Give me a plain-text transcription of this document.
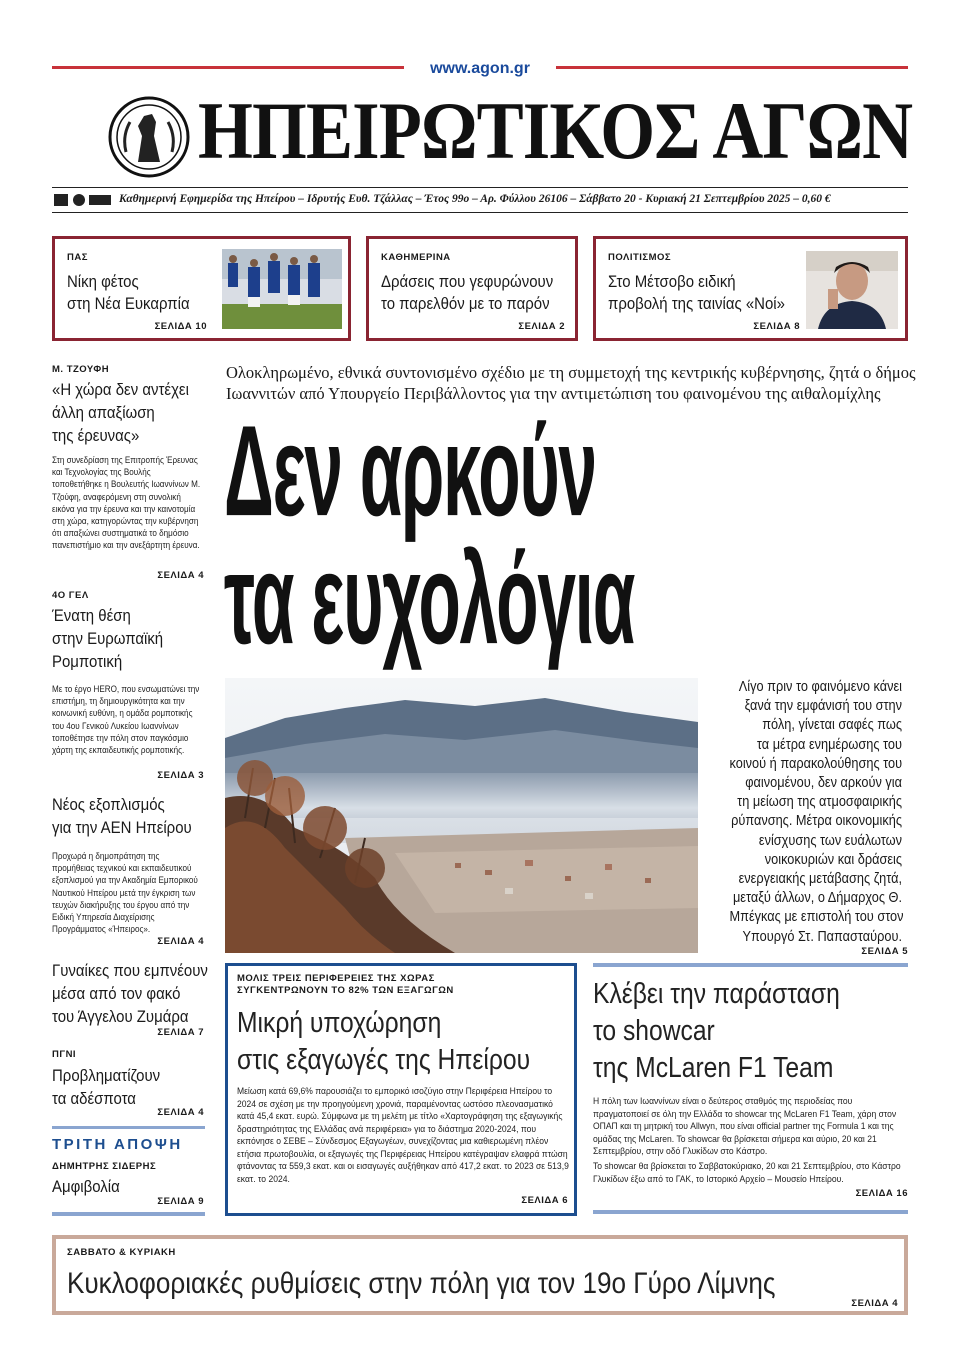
www.agon.gr
ΗΠΕΙΡΩΤΙΚΟΣ ΑΓΩΝ
Καθημερινή Εφημερίδα της Ηπείρου – Ιδρυτής Ευθ. Τζάλλας – Έτος 99ο – Αρ. Φύλλου 26106 – Σάββατο 20 - Κυριακή 21 Σεπτεμβρίου 2025 – 0,60 €
ΠΑΣ
Νίκη φέτος
στη Νέα Ευκαρπία
ΣΕΛΙΔΑ 10
ΚΑΘΗΜΕΡΙΝΑ
Δράσεις που γεφυρώνουν
το παρελθόν με το παρόν
ΣΕΛΙΔΑ 2
ΠΟΛΙΤΙΣΜΟΣ
Στο Μέτσοβο ειδική
προβολή της ταινίας «Νοί»
ΣΕΛΙΔΑ 8
Μ. ΤΖΟΥΦΗ
«Η χώρα δεν αντέχει
άλλη απαξίωση
της έρευνας»
Στη συνεδρίαση της Επιτροπής Έρευνας και Τεχνολογίας της Βουλής τοποθετήθηκε η Βουλευτής Ιωαννίνων Μ. Τζούφη, αναφερόμενη στη συνολική εικόνα για την έρευνα και την καινοτομία στη χώρα, κατηγορώντας την κυβέρνηση ότι απαξιώνει συστηματικά το δημόσιο πανεπιστήμιο και την ανεξάρτητη έρευνα.
ΣΕΛΙΔΑ 4
4Ο ΓΕΛ
Ένατη θέση
στην Ευρωπαϊκή
Ρομποτική
Με το έργο HERO, που ενσωματώνει την επιστήμη, τη δημιουργικότητα και την κοινωνική ευθύνη, η ομάδα ρομποτικής του 4ου Γενικού Λυκείου Ιωαννίνων τοποθέτησε την πόλη στον παγκόσμιο χάρτη της εκπαιδευτικής ρομποτικής.
ΣΕΛΙΔΑ 3
Νέος εξοπλισμός
για την ΑΕΝ Ηπείρου
Προχωρά η δημοπράτηση της προμήθειας τεχνικού και εκπαιδευτικού εξοπλισμού για την Ακαδημία Εμπορικού Ναυτικού Ηπείρου μετά την έγκριση των τευχών διακήρυξης του έργου από την Ειδική Υπηρεσία Διαχείρισης Προγράμματος «Ήπειρος».
ΣΕΛΙΔΑ 4
Γυναίκες που εμπνέουν
μέσα από τον φακό
του Άγγελου Ζυμάρα
ΣΕΛΙΔΑ 7
ΠΓΝΙ
Προβληματίζουν
τα αδέσποτα
ΣΕΛΙΔΑ 4
ΤΡΙΤΗ ΑΠΟΨΗ
ΔΗΜΗΤΡΗΣ ΣΙΔΕΡΗΣ
Αμφιβολία
ΣΕΛΙΔΑ 9
Ολοκληρωμένο, εθνικά συντονισμένο σχέδιο με τη συμμετοχή της κεντρικής κυβέρνησης, ζητά ο δήμος
Ιωαννιτών από Υπουργείο Περιβάλλοντος για την αντιμετώπιση του φαινομένου της αιθαλομίχλης
Δεν αρκούν
τα ευχολόγια
Λίγο πριν το φαινόμενο κάνει
ξανά την εμφάνισή του στην
πόλη, γίνεται σαφές πως
τα μέτρα ενημέρωσης του
κοινού ή παρακολούθησης του
φαινομένου, δεν αρκούν για
τη μείωση της ατμοσφαιρικής
ρύπανσης. Μέτρα οικονομικής
ενίσχυσης των ευάλωτων
νοικοκυριών και δράσεις
ενεργειακής μετάβασης ζητά,
μεταξύ άλλων, ο Δήμαρχος Θ.
Μπέγκας με επιστολή του στον
Υπουργό Στ. Παπασταύρου.
ΣΕΛΙΔΑ 5
ΜΟΛΙΣ ΤΡΕΙΣ ΠΕΡΙΦΕΡΕΙΕΣ ΤΗΣ ΧΩΡΑΣ
ΣΥΓΚΕΝΤΡΩΝΟΥΝ ΤΟ 82% ΤΩΝ ΕΞΑΓΩΓΩΝ
Μικρή υποχώρηση
στις εξαγωγές της Ηπείρου
Μείωση κατά 69,6% παρουσιάζει το εμπορικό ισοζύγιο στην Περιφέρεια Ηπείρου το 2024 σε σχέση με την προηγούμενη χρονιά, παραμένοντας ωστόσο πλεονασματικό κατά 45,4 εκατ. ευρώ. Σύμφωνα με τη μελέτη με τίτλο «Χαρτογράφηση της εξαγωγικής δραστηριότητας της Ελλάδας ανά περιφέρεια» για το διάστημα 2020-2024, που εκπόνησε ο ΣΕΒΕ – Σύνδεσμος Εξαγωγέων, συνεχίζοντας μια καθιερωμένη πλέον ετήσια πρωτοβουλία, οι εξαγωγές της Περιφέρειας Ηπείρου κατέγραψαν ελαφρά πτώση φτάνοντας τα 559,3 εκατ. και οι εισαγωγές αυξήθηκαν από 417,2 εκατ. το 2023 σε 513,9 εκατ. το 2024.
ΣΕΛΙΔΑ 6
Κλέβει την παράσταση
το showcar
της McLaren F1 Team
Η πόλη των Ιωαννίνων είναι ο δεύτερος σταθμός της περιοδείας που πραγματοποιεί σε όλη την Ελλάδα το showcar της McLaren F1 Team, χάρη στον ΟΠΑΠ και τη μητρική του Allwyn, που είναι official partner της Formula 1 και της ομάδας της McLaren. Το showcar θα βρίσκεται σήμερα και αύριο, 20 και 21 Σεπτεμβρίου, στην οδό Γλυκίδων στο Κάστρο.
Το showcar θα βρίσκεται το Σαββατοκύριακο, 20 και 21 Σεπτεμβρίου, στο Κάστρο Γλυκίδων έξω από το ΓΑΚ, το Ιστορικό Αρχείο – Μουσείο Ηπείρου.
ΣΕΛΙΔΑ 16
ΣΑΒΒΑΤΟ & ΚΥΡΙΑΚΗ
Κυκλοφοριακές ρυθμίσεις στην πόλη για τον 19ο Γύρο Λίμνης
ΣΕΛΙΔΑ 4
